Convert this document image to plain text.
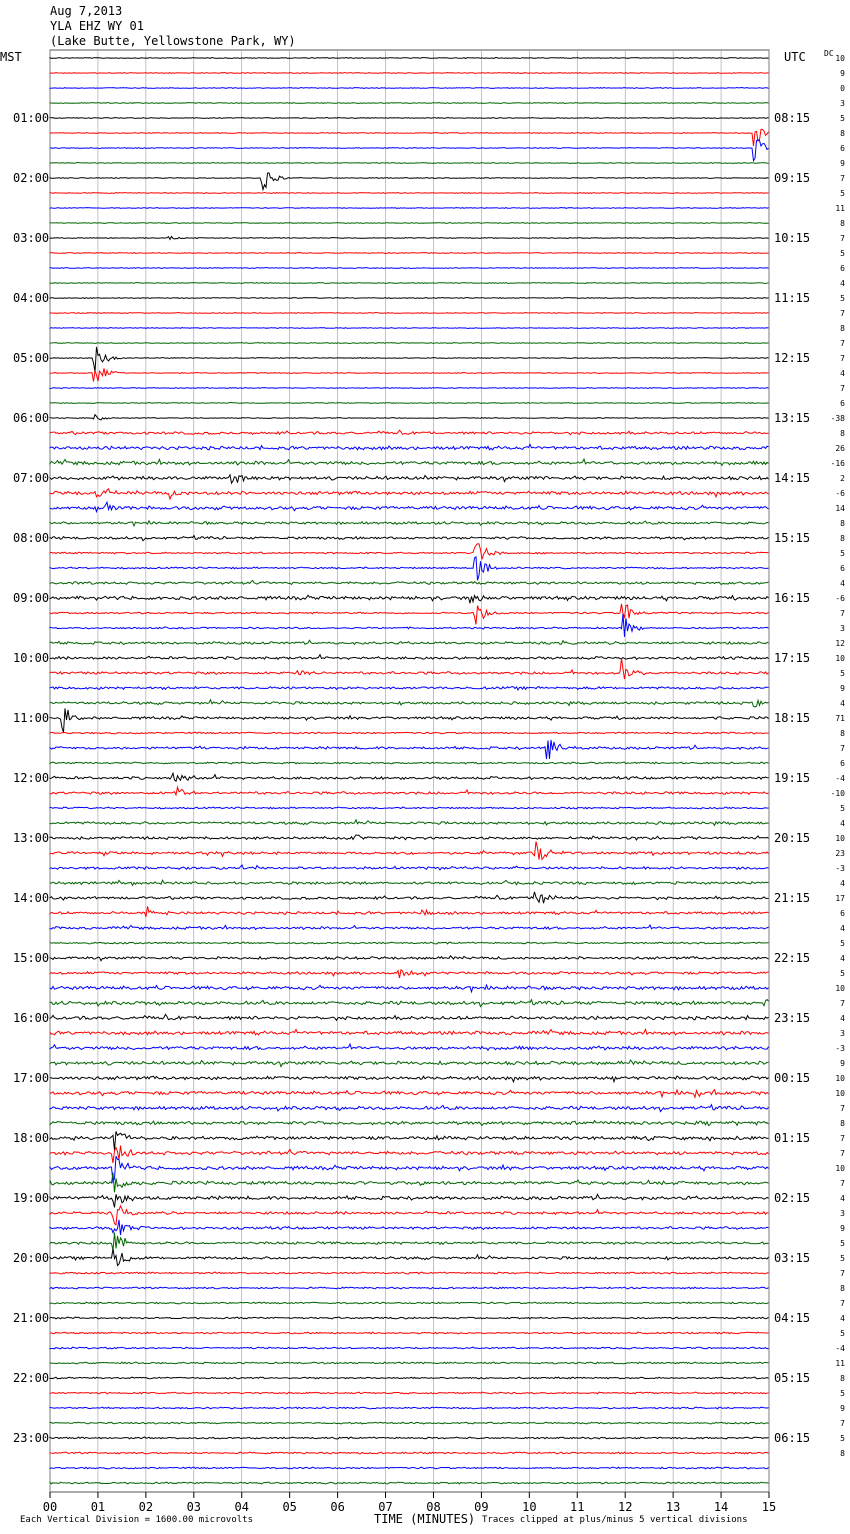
Aug 7,2013
YLA EHZ WY 01
(Lake Butte, Yellowstone Park, WY)
MST	UTC DC
01:00	08:15
02:00	09:15
03:00	10:15
04:00	11:15
05:00	12:15
06:00	13:15
07:00	14:15
08:00	15:15
09:00	16:15
10:00	17:15
11:00	18:15
12:00	19:15
13:00	20:15
14:00	21:15
15:00	22:15
16:00	23:15
17:00	00:15
18:00	01:15
19:00	02:15
20:00	03:15
21:00	04:15
22:00	05:15
23:00	06:15
10
9
0
3
5
8
6
9
7
5
11
8
7
5
6
4
5
7
8
7
7
4
7
6
-38
8
26
-16
2
-6
14
8
8
5
6
4
-6
7
3
12
10
5
9
4
71
8
7
6
-4
-10
5
4
10
23
-3
4
17
6
4
5
4
5
10
7
4
3
-3
9
10
10
7
8
7
7
10
7
4
3
9
5
5
7
8
7
4
5
-4
11
8
5
9
7
5
8
00	01	02	03	04	05	06	07	08	09	10	11	12	13	14	15
Each Vertical Division = 1600.00 microvolts	TIME (MINUTES) Traces clipped at plus/minus 5 vertical divisions
